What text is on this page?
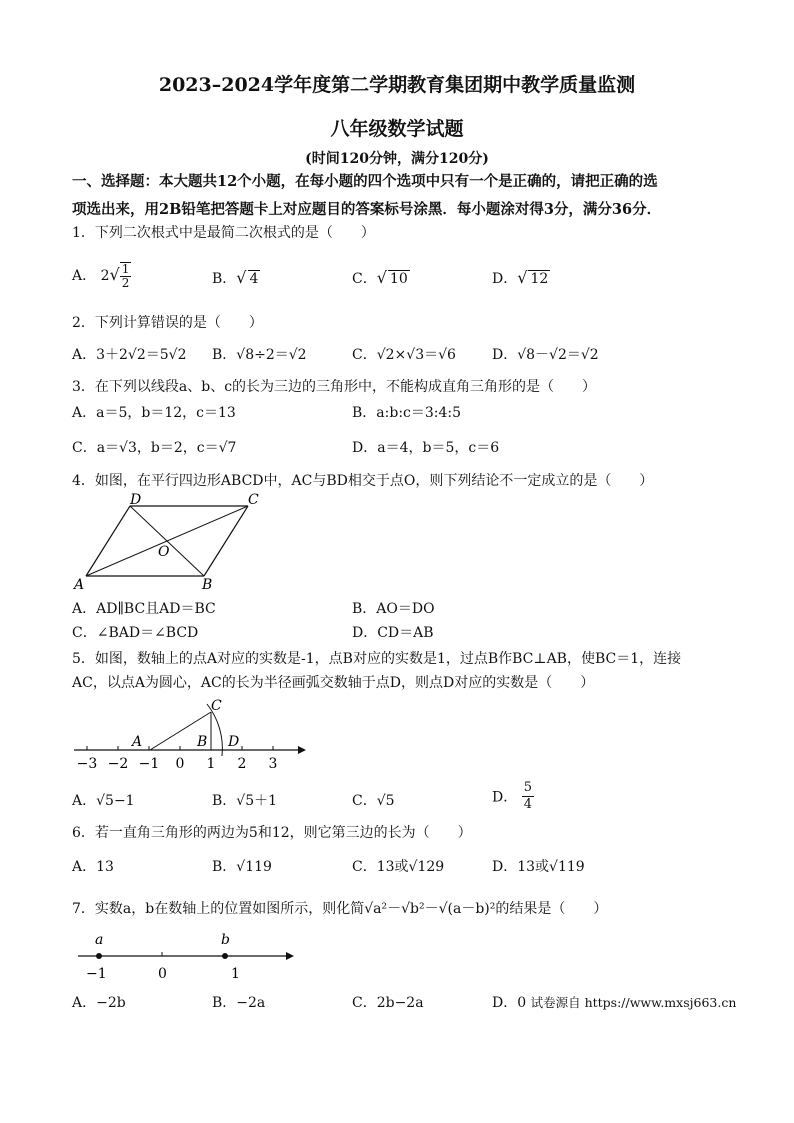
2023–2024学年度第二学期教育集团期中教学质量监测
八年级数学试题
(时间120分钟，满分120分)
一、选择题：本大题共12个小题，在每小题的四个选项中只有一个是正确的，请把正确的选
项选出来，用2B铅笔把答题卡上对应题目的答案标号涂黑．每小题涂对得3分，满分36分．
1．下列二次根式中是最简二次根式的是（　　）
A． $2√ \frac{1}{2}$	B．√ 4	C．√ 10	D．√ 12
2．下列计算错误的是（　　）
A．3＋2√2＝5√2 B．√8÷2＝√2	C．√2×√3＝√6	D．√8－√2＝√2
3．在下列以线段a、b、c的长为三边的三角形中，不能构成直角三角形的是（　　）
A．a＝5，b＝12，c＝13	B．a:b:c＝3:4:5
C．a＝√3，b＝2，c＝√7	D．a＝4，b＝5，c＝6
4．如图，在平行四边形ABCD中，AC与BD相交于点O，则下列结论不一定成立的是（　　）
A	B
C
D
O
A．AD∥BC且AD＝BC	B．AO＝DO
C．∠BAD＝∠BCD	D．CD＝AB
5．如图，数轴上的点A对应的实数是-1，点B对应的实数是1，过点B作BC⊥AB，使BC＝1，连接
AC，以点A为圆心，AC的长为半径画弧交数轴于点D，则点D对应的实数是（　　）
−3 −2 −1 0 1 2 3
A	B
C
D
A．√5−1	B．√5＋1	C．√5	D． $\frac{5}{4}$
6．若一直角三角形的两边为5和12，则它第三边的长为（　　）
A．13	B．√119	C．13或√129	D．13或√119
7．实数a，b在数轴上的位置如图所示，则化简√a²－√b²－√(a－b)²的结果是（　　）
a	b
−1	0	1
A．−2b	B．−2a	C．2b−2a	D．0 试卷源自 https://www.mxsj663.cn
